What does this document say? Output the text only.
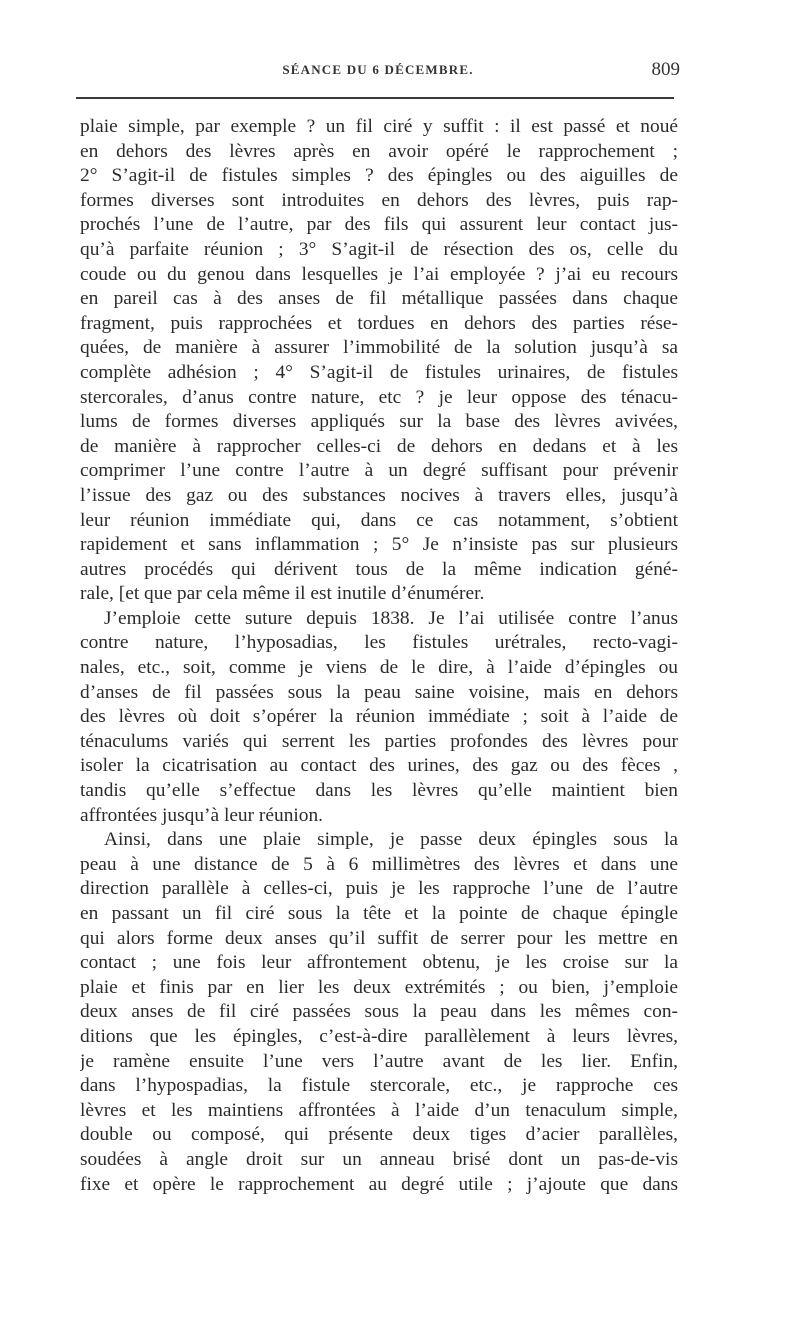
SÉANCE DU 6 DÉCEMBRE.	809
plaie simple, par exemple ? un fil ciré y suffit : il est passé et noué
en dehors des lèvres après en avoir opéré le rapprochement ;
2° S’agit-il de fistules simples ? des épingles ou des aiguilles de
formes diverses sont introduites en dehors des lèvres, puis rap-
prochés l’une de l’autre, par des fils qui assurent leur contact jus-
qu’à parfaite réunion ; 3° S’agit-il de résection des os, celle du
coude ou du genou dans lesquelles je l’ai employée ? j’ai eu recours
en pareil cas à des anses de fil métallique passées dans chaque
fragment, puis rapprochées et tordues en dehors des parties rése-
quées, de manière à assurer l’immobilité de la solution jusqu’à sa
complète adhésion ; 4° S’agit-il de fistules urinaires, de fistules
stercorales, d’anus contre nature, etc ? je leur oppose des ténacu-
lums de formes diverses appliqués sur la base des lèvres avivées,
de manière à rapprocher celles-ci de dehors en dedans et à les
comprimer l’une contre l’autre à un degré suffisant pour prévenir
l’issue des gaz ou des substances nocives à travers elles, jusqu’à
leur réunion immédiate qui, dans ce cas notamment, s’obtient
rapidement et sans inflammation ; 5° Je n’insiste pas sur plusieurs
autres procédés qui dérivent tous de la même indication géné-
rale, [et que par cela même il est inutile d’énumérer.
J’emploie cette suture depuis 1838. Je l’ai utilisée contre l’anus
contre nature, l’hyposadias, les fistules urétrales, recto-vagi-
nales, etc., soit, comme je viens de le dire, à l’aide d’épingles ou
d’anses de fil passées sous la peau saine voisine, mais en dehors
des lèvres où doit s’opérer la réunion immédiate ; soit à l’aide de
ténaculums variés qui serrent les parties profondes des lèvres pour
isoler la cicatrisation au contact des urines, des gaz ou des fèces ,
tandis qu’elle s’effectue dans les lèvres qu’elle maintient bien
affrontées jusqu’à leur réunion.
Ainsi, dans une plaie simple, je passe deux épingles sous la
peau à une distance de 5 à 6 millimètres des lèvres et dans une
direction parallèle à celles-ci, puis je les rapproche l’une de l’autre
en passant un fil ciré sous la tête et la pointe de chaque épingle
qui alors forme deux anses qu’il suffit de serrer pour les mettre en
contact ; une fois leur affrontement obtenu, je les croise sur la
plaie et finis par en lier les deux extrémités ; ou bien, j’emploie
deux anses de fil ciré passées sous la peau dans les mêmes con-
ditions que les épingles, c’est-à-dire parallèlement à leurs lèvres,
je ramène ensuite l’une vers l’autre avant de les lier. Enfin,
dans l’hypospadias, la fistule stercorale, etc., je rapproche ces
lèvres et les maintiens affrontées à l’aide d’un tenaculum simple,
double ou composé, qui présente deux tiges d’acier parallèles,
soudées à angle droit sur un anneau brisé dont un pas-de-vis
fixe et opère le rapprochement au degré utile ; j’ajoute que dans
